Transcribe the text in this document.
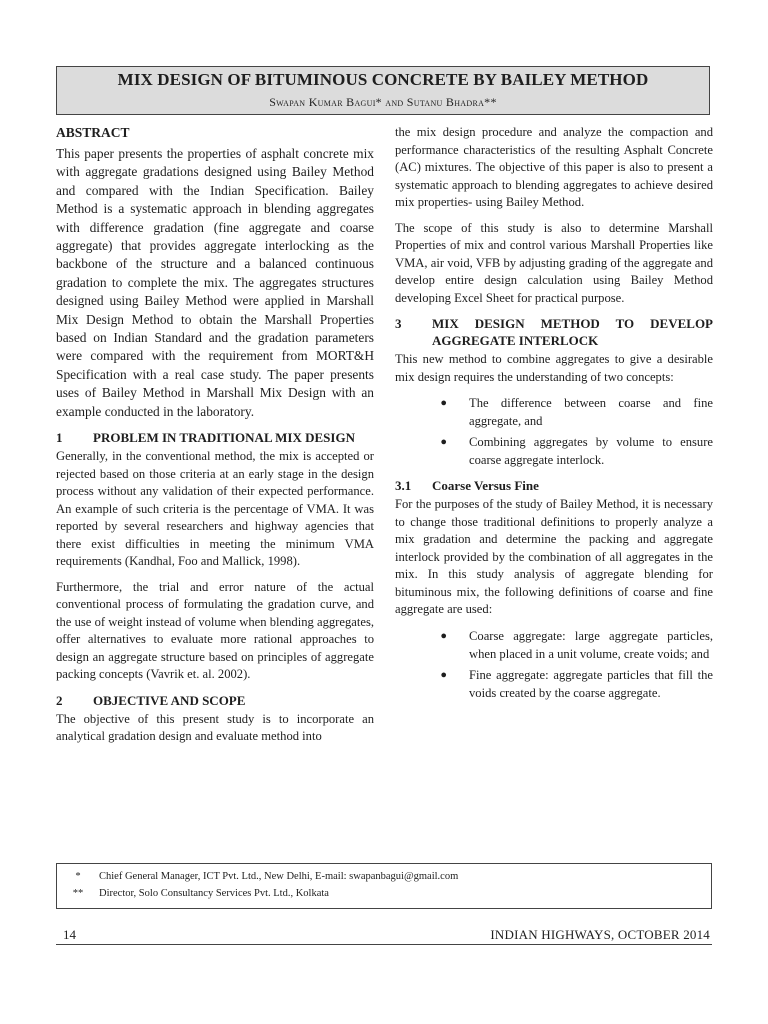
MIX DESIGN OF BITUMINOUS CONCRETE BY BAILEY METHOD
Swapan Kumar Bagui* and Sutanu Bhadra**
ABSTRACT

This paper presents the properties of asphalt concrete mix with aggregate gradations designed using Bailey Method and compared with the Indian Specification. Bailey Method is a systematic approach in blending aggregates with difference gradation (fine aggregate and coarse aggregate) that provides aggregate interlocking as the backbone of the structure and a balanced continuous gradation to complete the mix. The aggregates structures designed using Bailey Method were applied in Marshall Mix Design Method to obtain the Marshall Properties based on Indian Standard and the gradation parameters were compared with the requirement from MORT&H Specification with a real case study. The paper presents uses of Bailey Method in Marshall Mix Design with an example conducted in the laboratory.

1	PROBLEM IN TRADITIONAL MIX DESIGN

Generally, in the conventional method, the mix is accepted or rejected based on those criteria at an early stage in the design process without any validation of their expected performance. An example of such criteria is the percentage of VMA. It was reported by several researchers and highway agencies that there exist difficulties in meeting the minimum VMA requirements (Kandhal, Foo and Mallick, 1998).

Furthermore, the trial and error nature of the actual conventional process of formulating the gradation curve, and the use of weight instead of volume when blending aggregates, offer alternatives to evaluate more rational approaches to design an aggregate structure based on principles of aggregate packing concepts (Vavrik et. al. 2002).

2	OBJECTIVE AND SCOPE

The objective of this present study is to incorporate an analytical gradation design and evaluate method into

the mix design procedure and analyze the compaction and performance characteristics of the resulting Asphalt Concrete (AC) mixtures. The objective of this paper is also to present a systematic approach to blending aggregates to achieve desired mix properties- using Bailey Method.

The scope of this study is also to determine Marshall Properties of mix and control various Marshall Properties like VMA, air void, VFB by adjusting grading of the aggregate and develop entire design calculation using Bailey Method developing Excel Sheet for practical purpose.

3	MIX DESIGN METHOD TO DEVELOP AGGREGATE INTERLOCK

This new method to combine aggregates to give a desirable mix design requires the understanding of two concepts:

●	The difference between coarse and fine aggregate, and
●	Combining aggregates by volume to ensure coarse aggregate interlock.
3.1	Coarse Versus Fine

For the purposes of the study of Bailey Method, it is necessary to change those traditional definitions to properly analyze a mix gradation and determine the packing and aggregate interlock provided by the combination of all aggregates in the mix. In this study analysis of aggregate blending for bituminous mix, the following definitions of coarse and fine aggregate are used:

●	Coarse aggregate: large aggregate particles, when placed in a unit volume, create voids; and
●	Fine aggregate: aggregate particles that fill the voids created by the coarse aggregate.
*	Chief General Manager, ICT Pvt. Ltd., New Delhi, E-mail: swapanbagui@gmail.com
**	Director, Solo Consultancy Services Pvt. Ltd., Kolkata
14	INDIAN HIGHWAYS, OCTOBER 2014
